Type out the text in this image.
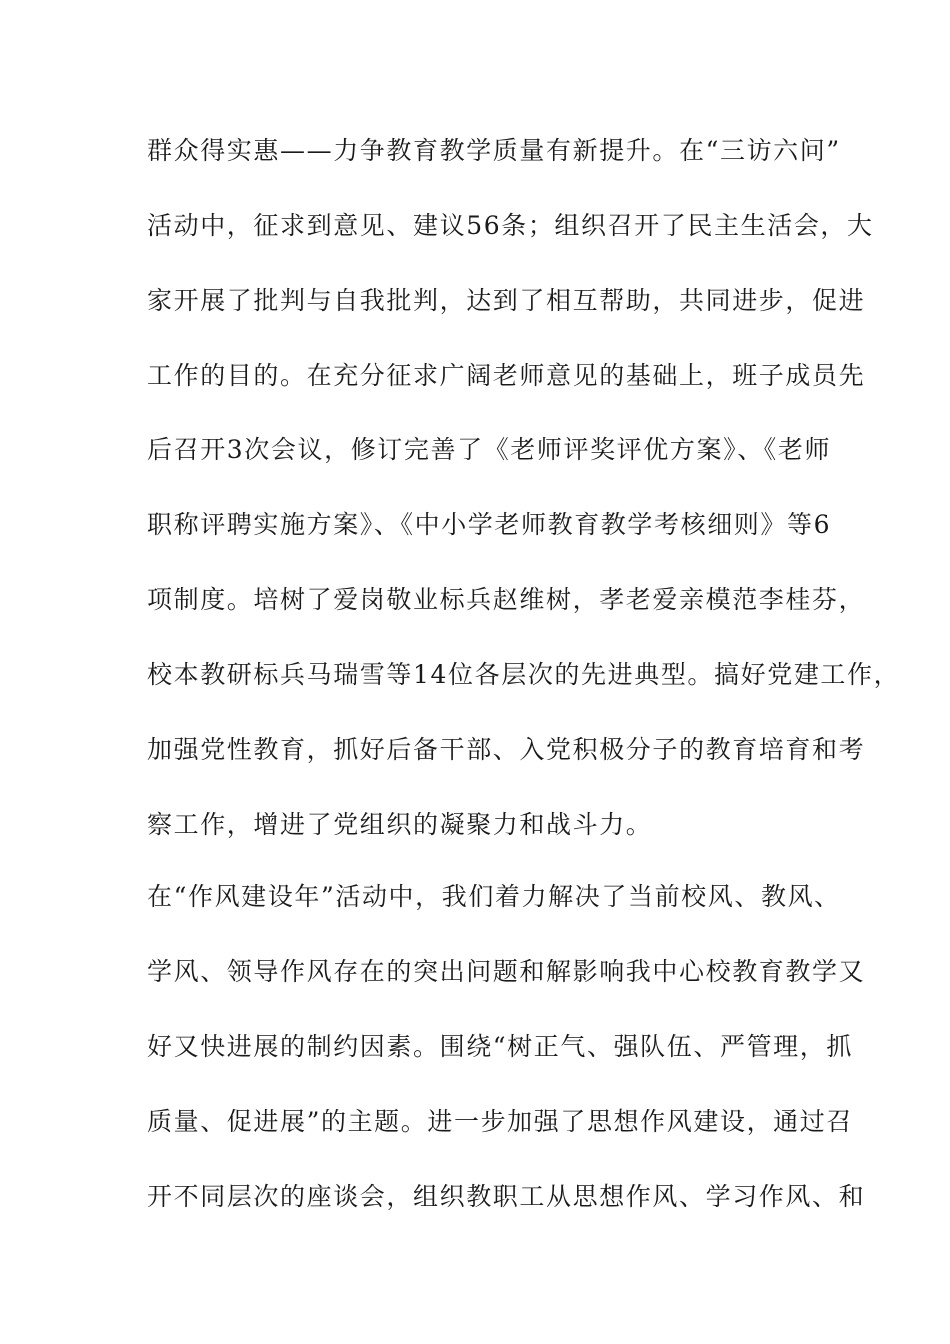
群众得实惠——力争教育教学质量有新提升。在“三访六问”
活动中，征求到意见、建议56条；组织召开了民主生活会，大
家开展了批判与自我批判，达到了相互帮助，共同进步，促进
工作的目的。在充分征求广阔老师意见的基础上，班子成员先
后召开3次会议，修订完善了《老师评奖评优方案》、《老师
职称评聘实施方案》、《中小学老师教育教学考核细则》等6
项制度。培树了爱岗敬业标兵赵维树，孝老爱亲模范李桂芬，
校本教研标兵马瑞雪等14位各层次的先进典型。搞好党建工作，
加强党性教育，抓好后备干部、入党积极分子的教育培育和考
察工作，增进了党组织的凝聚力和战斗力。
在“作风建设年”活动中，我们着力解决了当前校风、教风、
学风、领导作风存在的突出问题和解影响我中心校教育教学又
好又快进展的制约因素。围绕“树正气、强队伍、严管理，抓
质量、促进展”的主题。进一步加强了思想作风建设，通过召
开不同层次的座谈会，组织教职工从思想作风、学习作风、和
